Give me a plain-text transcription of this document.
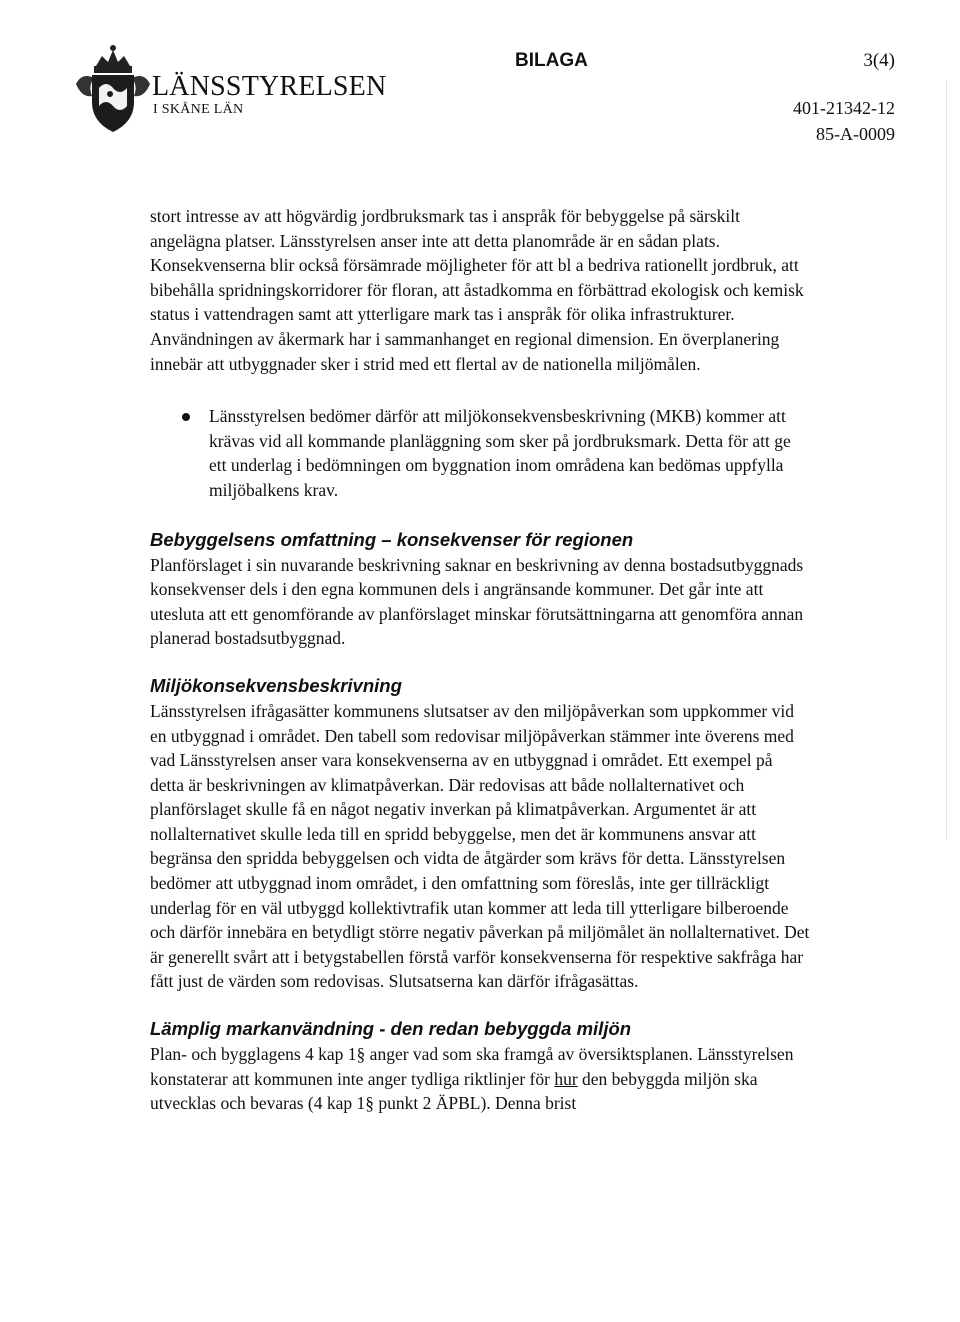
LÄNSSTYRELSEN
I SKÅNE LÄN
BILAGA	3(4)
401-21342-12
85-A-0009

stort intresse av att högvärdig jordbruksmark tas i anspråk för bebyggelse på särskilt angelägna platser. Länsstyrelsen anser inte att detta planområde är en sådan plats. Konsekvenserna blir också försämrade möjligheter för att bl a bedriva rationellt jordbruk, att bibehålla spridningskorridorer för floran, att åstadkomma en förbättrad ekologisk och kemisk status i vattendragen samt att ytterligare mark tas i anspråk för olika infrastrukturer. Användningen av åkermark har i sammanhanget en regional dimension. En överplanering innebär att utbyggnader sker i strid med ett flertal av de nationella miljömålen.

Länsstyrelsen bedömer därför att miljökonsekvensbeskrivning (MKB) kommer att krävas vid all kommande planläggning som sker på jordbruksmark. Detta för att ge ett underlag i bedömningen om byggnation inom områdena kan bedömas uppfylla miljöbalkens krav.

Bebyggelsens omfattning – konsekvenser för regionen

Planförslaget i sin nuvarande beskrivning saknar en beskrivning av denna bostadsutbyggnads konsekvenser dels i den egna kommunen dels i angränsande kommuner. Det går inte att utesluta att ett genomförande av planförslaget minskar förutsättningarna att genomföra annan planerad bostadsutbyggnad.

Miljökonsekvensbeskrivning

Länsstyrelsen ifrågasätter kommunens slutsatser av den miljöpåverkan som uppkommer vid en utbyggnad i området. Den tabell som redovisar miljöpåverkan stämmer inte överens med vad Länsstyrelsen anser vara konsekvenserna av en utbyggnad i området. Ett exempel på detta är beskrivningen av klimatpåverkan. Där redovisas att både nollalternativet och planförslaget skulle få en något negativ inverkan på klimatpåverkan. Argumentet är att nollalternativet skulle leda till en spridd bebyggelse, men det är kommunens ansvar att begränsa den spridda bebyggelsen och vidta de åtgärder som krävs för detta. Länsstyrelsen bedömer att utbyggnad inom området, i den omfattning som föreslås, inte ger tillräckligt underlag för en väl utbyggd kollektivtrafik utan kommer att leda till ytterligare bilberoende och därför innebära en betydligt större negativ påverkan på miljömålet än nollalternativet. Det är generellt svårt att i betygstabellen förstå varför konsekvenserna för respektive sakfråga har fått just de värden som redovisas. Slutsatserna kan därför ifrågasättas.

Lämplig markanvändning - den redan bebyggda miljön

Plan- och bygglagens 4 kap 1§ anger vad som ska framgå av översiktsplanen. Länsstyrelsen konstaterar att kommunen inte anger tydliga riktlinjer för hur den bebyggda miljön ska utvecklas och bevaras (4 kap 1§ punkt 2 ÄPBL). Denna brist
